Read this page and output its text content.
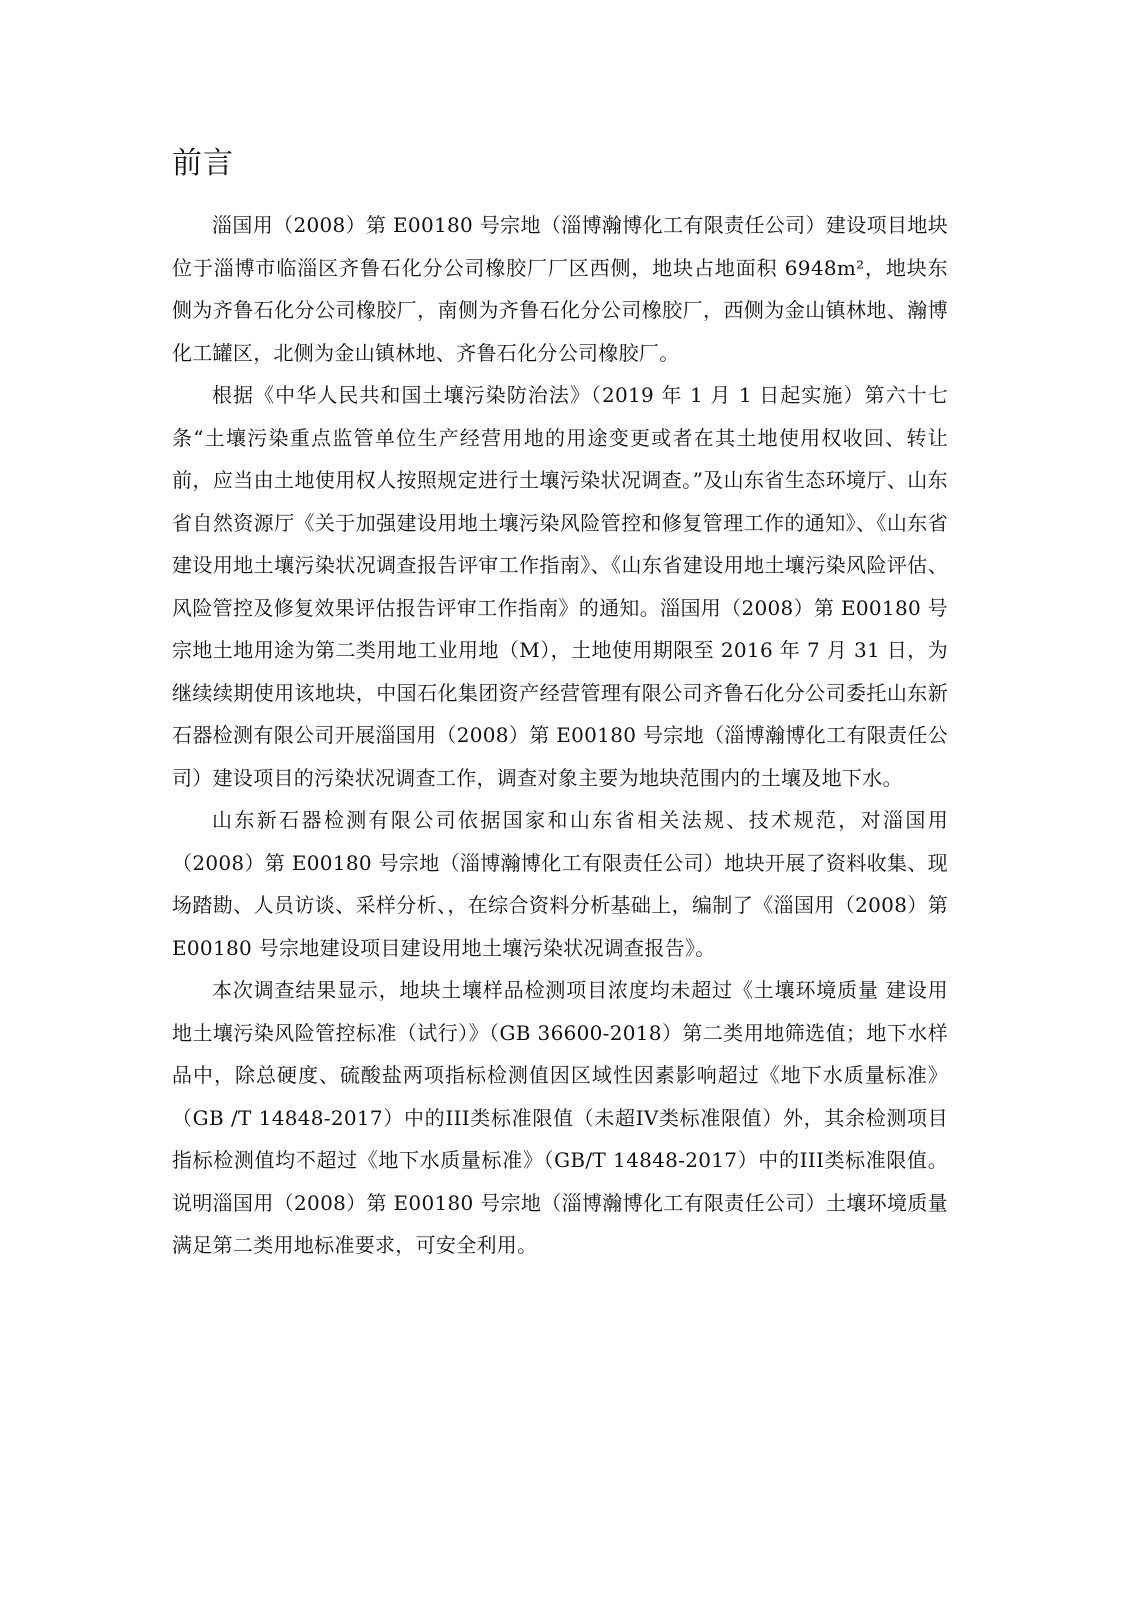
前言

淄国用（2008）第 E00180 号宗地（淄博瀚博化工有限责任公司）建设项目地块位于淄博市临淄区齐鲁石化分公司橡胶厂厂区西侧，地块占地面积 6948m²，地块东侧为齐鲁石化分公司橡胶厂，南侧为齐鲁石化分公司橡胶厂，西侧为金山镇林地、瀚博化工罐区，北侧为金山镇林地、齐鲁石化分公司橡胶厂。

根据《中华人民共和国土壤污染防治法》（2019 年 1 月 1 日起实施）第六十七条“土壤污染重点监管单位生产经营用地的用途变更或者在其土地使用权收回、转让前，应当由土地使用权人按照规定进行土壤污染状况调查。”及山东省生态环境厅、山东省自然资源厅《关于加强建设用地土壤污染风险管控和修复管理工作的通知》、《山东省建设用地土壤污染状况调查报告评审工作指南》、《山东省建设用地土壤污染风险评估、风险管控及修复效果评估报告评审工作指南》的通知。淄国用（2008）第 E00180 号宗地土地用途为第二类用地工业用地（M），土地使用期限至 2016 年 7 月 31 日，为继续续期使用该地块，中国石化集团资产经营管理有限公司齐鲁石化分公司委托山东新石器检测有限公司开展淄国用（2008）第 E00180 号宗地（淄博瀚博化工有限责任公司）建设项目的污染状况调查工作，调查对象主要为地块范围内的土壤及地下水。

山东新石器检测有限公司依据国家和山东省相关法规、技术规范，对淄国用（2008）第 E00180 号宗地（淄博瀚博化工有限责任公司）地块开展了资料收集、现场踏勘、人员访谈、采样分析、，在综合资料分析基础上，编制了《淄国用（2008）第 E00180 号宗地建设项目建设用地土壤污染状况调查报告》。

本次调查结果显示，地块土壤样品检测项目浓度均未超过《土壤环境质量 建设用地土壤污染风险管控标准（试行）》（GB 36600-2018）第二类用地筛选值；地下水样品中，除总硬度、硫酸盐两项指标检测值因区域性因素影响超过《地下水质量标准》（GB /T 14848-2017）中的III类标准限值（未超IV类标准限值）外，其余检测项目指标检测值均不超过《地下水质量标准》（GB/T 14848-2017）中的III类标准限值。说明淄国用（2008）第 E00180 号宗地（淄博瀚博化工有限责任公司）土壤环境质量满足第二类用地标准要求，可安全利用。
